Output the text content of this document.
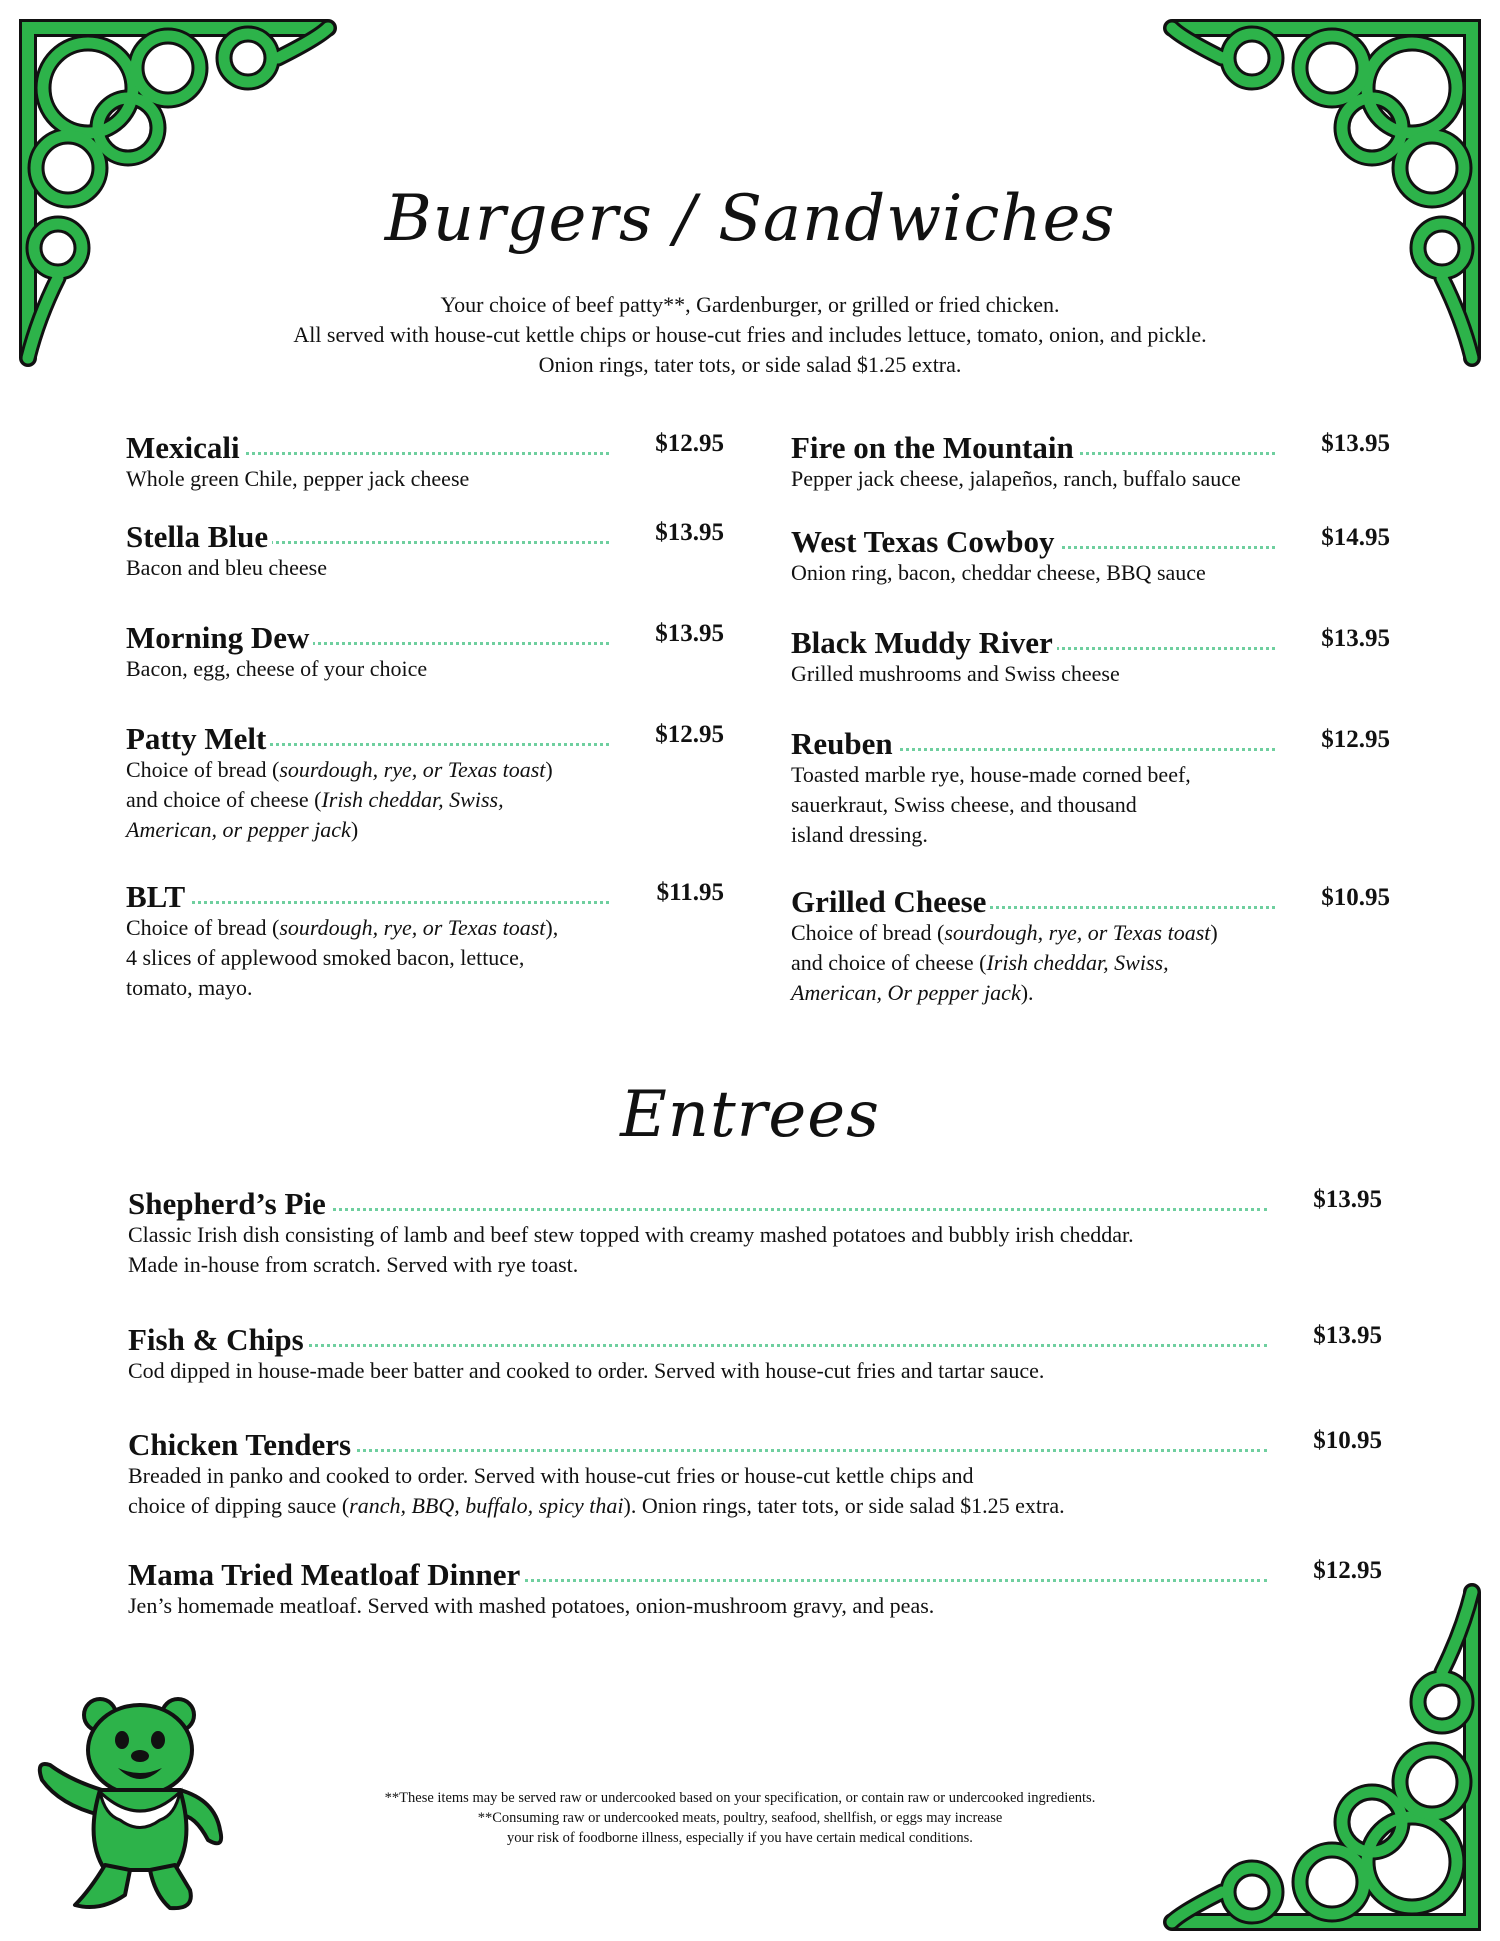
Burgers / Sandwiches
Your choice of beef patty**, Gardenburger, or grilled or fried chicken.
All served with house-cut kettle chips or house-cut fries and includes lettuce, tomato, onion, and pickle.
Onion rings, tater tots, or side salad $1.25 extra.
Mexicali	$12.95
Whole green Chile, pepper jack cheese
Stella Blue	$13.95
Bacon and bleu cheese
Morning Dew	$13.95
Bacon, egg, cheese of your choice
Patty Melt	$12.95
Choice of bread (sourdough, rye, or Texas toast)
and choice of cheese (Irish cheddar, Swiss,
American, or pepper jack)
BLT	$11.95
Choice of bread (sourdough, rye, or Texas toast),
4 slices of applewood smoked bacon, lettuce,
tomato, mayo.
Fire on the Mountain	$13.95
Pepper jack cheese, jalapeños, ranch, buffalo sauce
West Texas Cowboy	$14.95
Onion ring, bacon, cheddar cheese, BBQ sauce
Black Muddy River	$13.95
Grilled mushrooms and Swiss cheese
Reuben	$12.95
Toasted marble rye, house-made corned beef,
sauerkraut, Swiss cheese, and thousand
island dressing.
Grilled Cheese	$10.95
Choice of bread (sourdough, rye, or Texas toast)
and choice of cheese (Irish cheddar, Swiss,
American, Or pepper jack).
Entrees
Shepherd’s Pie	$13.95
Classic Irish dish consisting of lamb and beef stew topped with creamy mashed potatoes and bubbly irish cheddar.
Made in-house from scratch. Served with rye toast.
Fish & Chips	$13.95
Cod dipped in house-made beer batter and cooked to order. Served with house-cut fries and tartar sauce.
Chicken Tenders	$10.95
Breaded in panko and cooked to order. Served with house-cut fries or house-cut kettle chips and
choice of dipping sauce (ranch, BBQ, buffalo, spicy thai). Onion rings, tater tots, or side salad $1.25 extra.
Mama Tried Meatloaf Dinner	$12.95
Jen’s homemade meatloaf. Served with mashed potatoes, onion-mushroom gravy, and peas.
**These items may be served raw or undercooked based on your specification, or contain raw or undercooked ingredients.
**Consuming raw or undercooked meats, poultry, seafood, shellfish, or eggs may increase
your risk of foodborne illness, especially if you have certain medical conditions.
